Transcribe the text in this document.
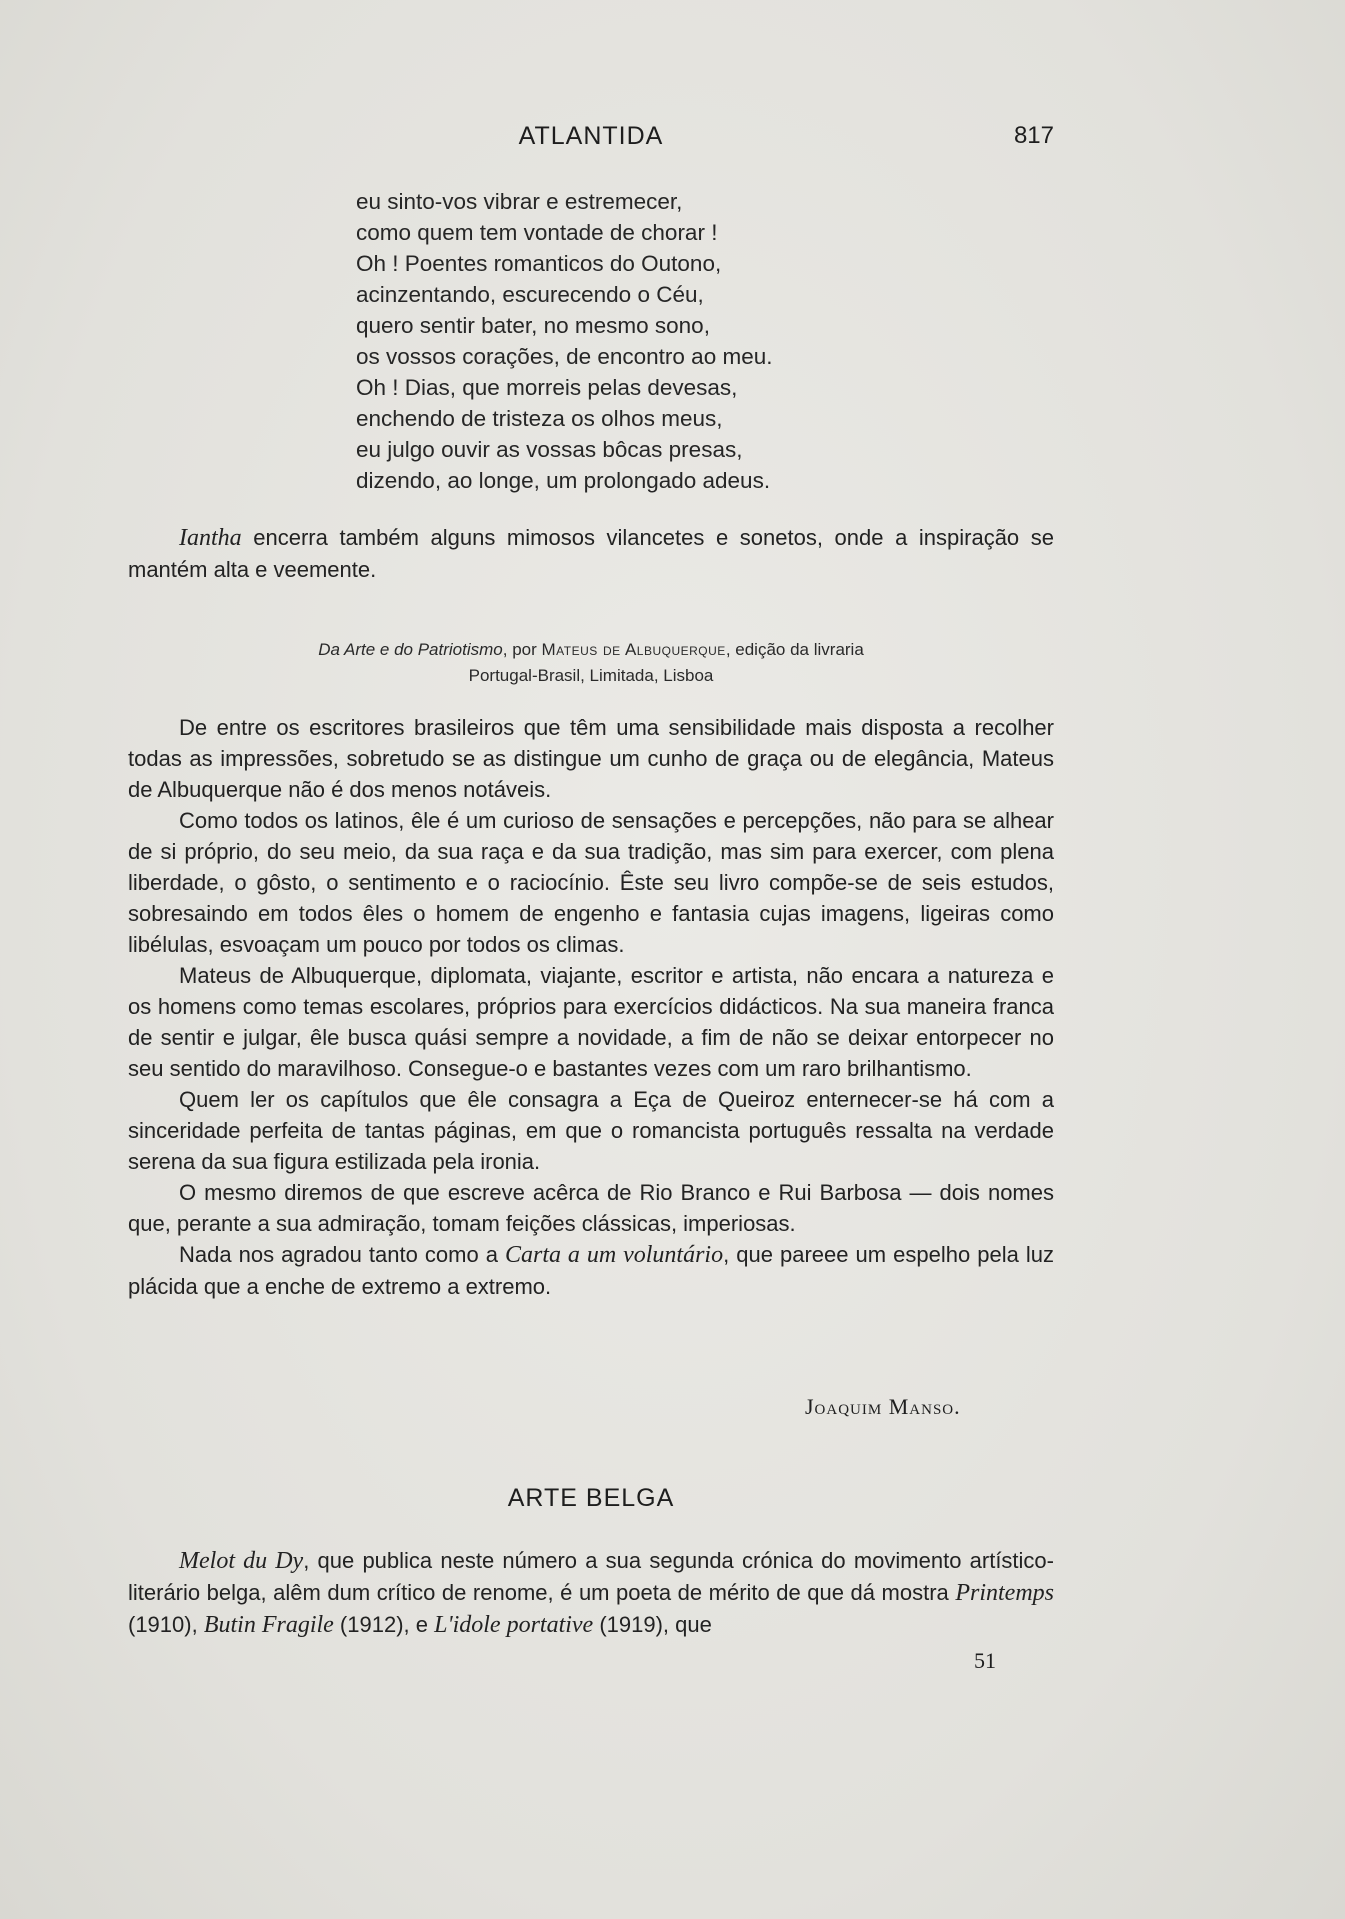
ATLANTIDA	817
eu sinto-vos vibrar e estremecer,
como quem tem vontade de chorar !
Oh ! Poentes romanticos do Outono,
acinzentando, escurecendo o Céu,
quero sentir bater, no mesmo sono,
os vossos corações, de encontro ao meu.
Oh ! Dias, que morreis pelas devesas,
enchendo de tristeza os olhos meus,
eu julgo ouvir as vossas bôcas presas,
dizendo, ao longe, um prolongado adeus.
Iantha encerra também alguns mimosos vilancetes e sonetos, onde a inspiração se mantém alta e veemente.
Da Arte e do Patriotismo, por Mateus de Albuquerque, edição da livraria
Portugal-Brasil, Limitada, Lisboa

De entre os escritores brasileiros que têm uma sensibilidade mais disposta a recolher todas as impressões, sobretudo se as distingue um cunho de graça ou de elegância, Mateus de Albuquerque não é dos menos notáveis.

Como todos os latinos, êle é um curioso de sensações e percepções, não para se alhear de si próprio, do seu meio, da sua raça e da sua tradição, mas sim para exercer, com plena liberdade, o gôsto, o sentimento e o raciocínio. Êste seu livro compõe-se de seis estudos, sobresaindo em todos êles o homem de engenho e fantasia cujas imagens, ligeiras como libélulas, esvoaçam um pouco por todos os climas.

Mateus de Albuquerque, diplomata, viajante, escritor e artista, não encara a natureza e os homens como temas escolares, próprios para exercícios didácticos. Na sua maneira franca de sentir e julgar, êle busca quási sempre a novidade, a fim de não se deixar entorpecer no seu sentido do maravilhoso. Consegue-o e bastantes vezes com um raro brilhantismo.

Quem ler os capítulos que êle consagra a Eça de Queiroz enternecer-se há com a sinceridade perfeita de tantas páginas, em que o romancista português ressalta na verdade serena da sua figura estilizada pela ironia.

O mesmo diremos de que escreve acêrca de Rio Branco e Rui Barbosa — dois nomes que, perante a sua admiração, tomam feições clássicas, imperiosas.

Nada nos agradou tanto como a Carta a um voluntário, que pareee um espelho pela luz plácida que a enche de extremo a extremo.

Joaquim Manso.
ARTE BELGA
Melot du Dy, que publica neste número a sua segunda crónica do movimento artístico-literário belga, alêm dum crítico de renome, é um poeta de mérito de que dá mostra Printemps (1910), Butin Fragile (1912), e L'idole portative (1919), que
51
